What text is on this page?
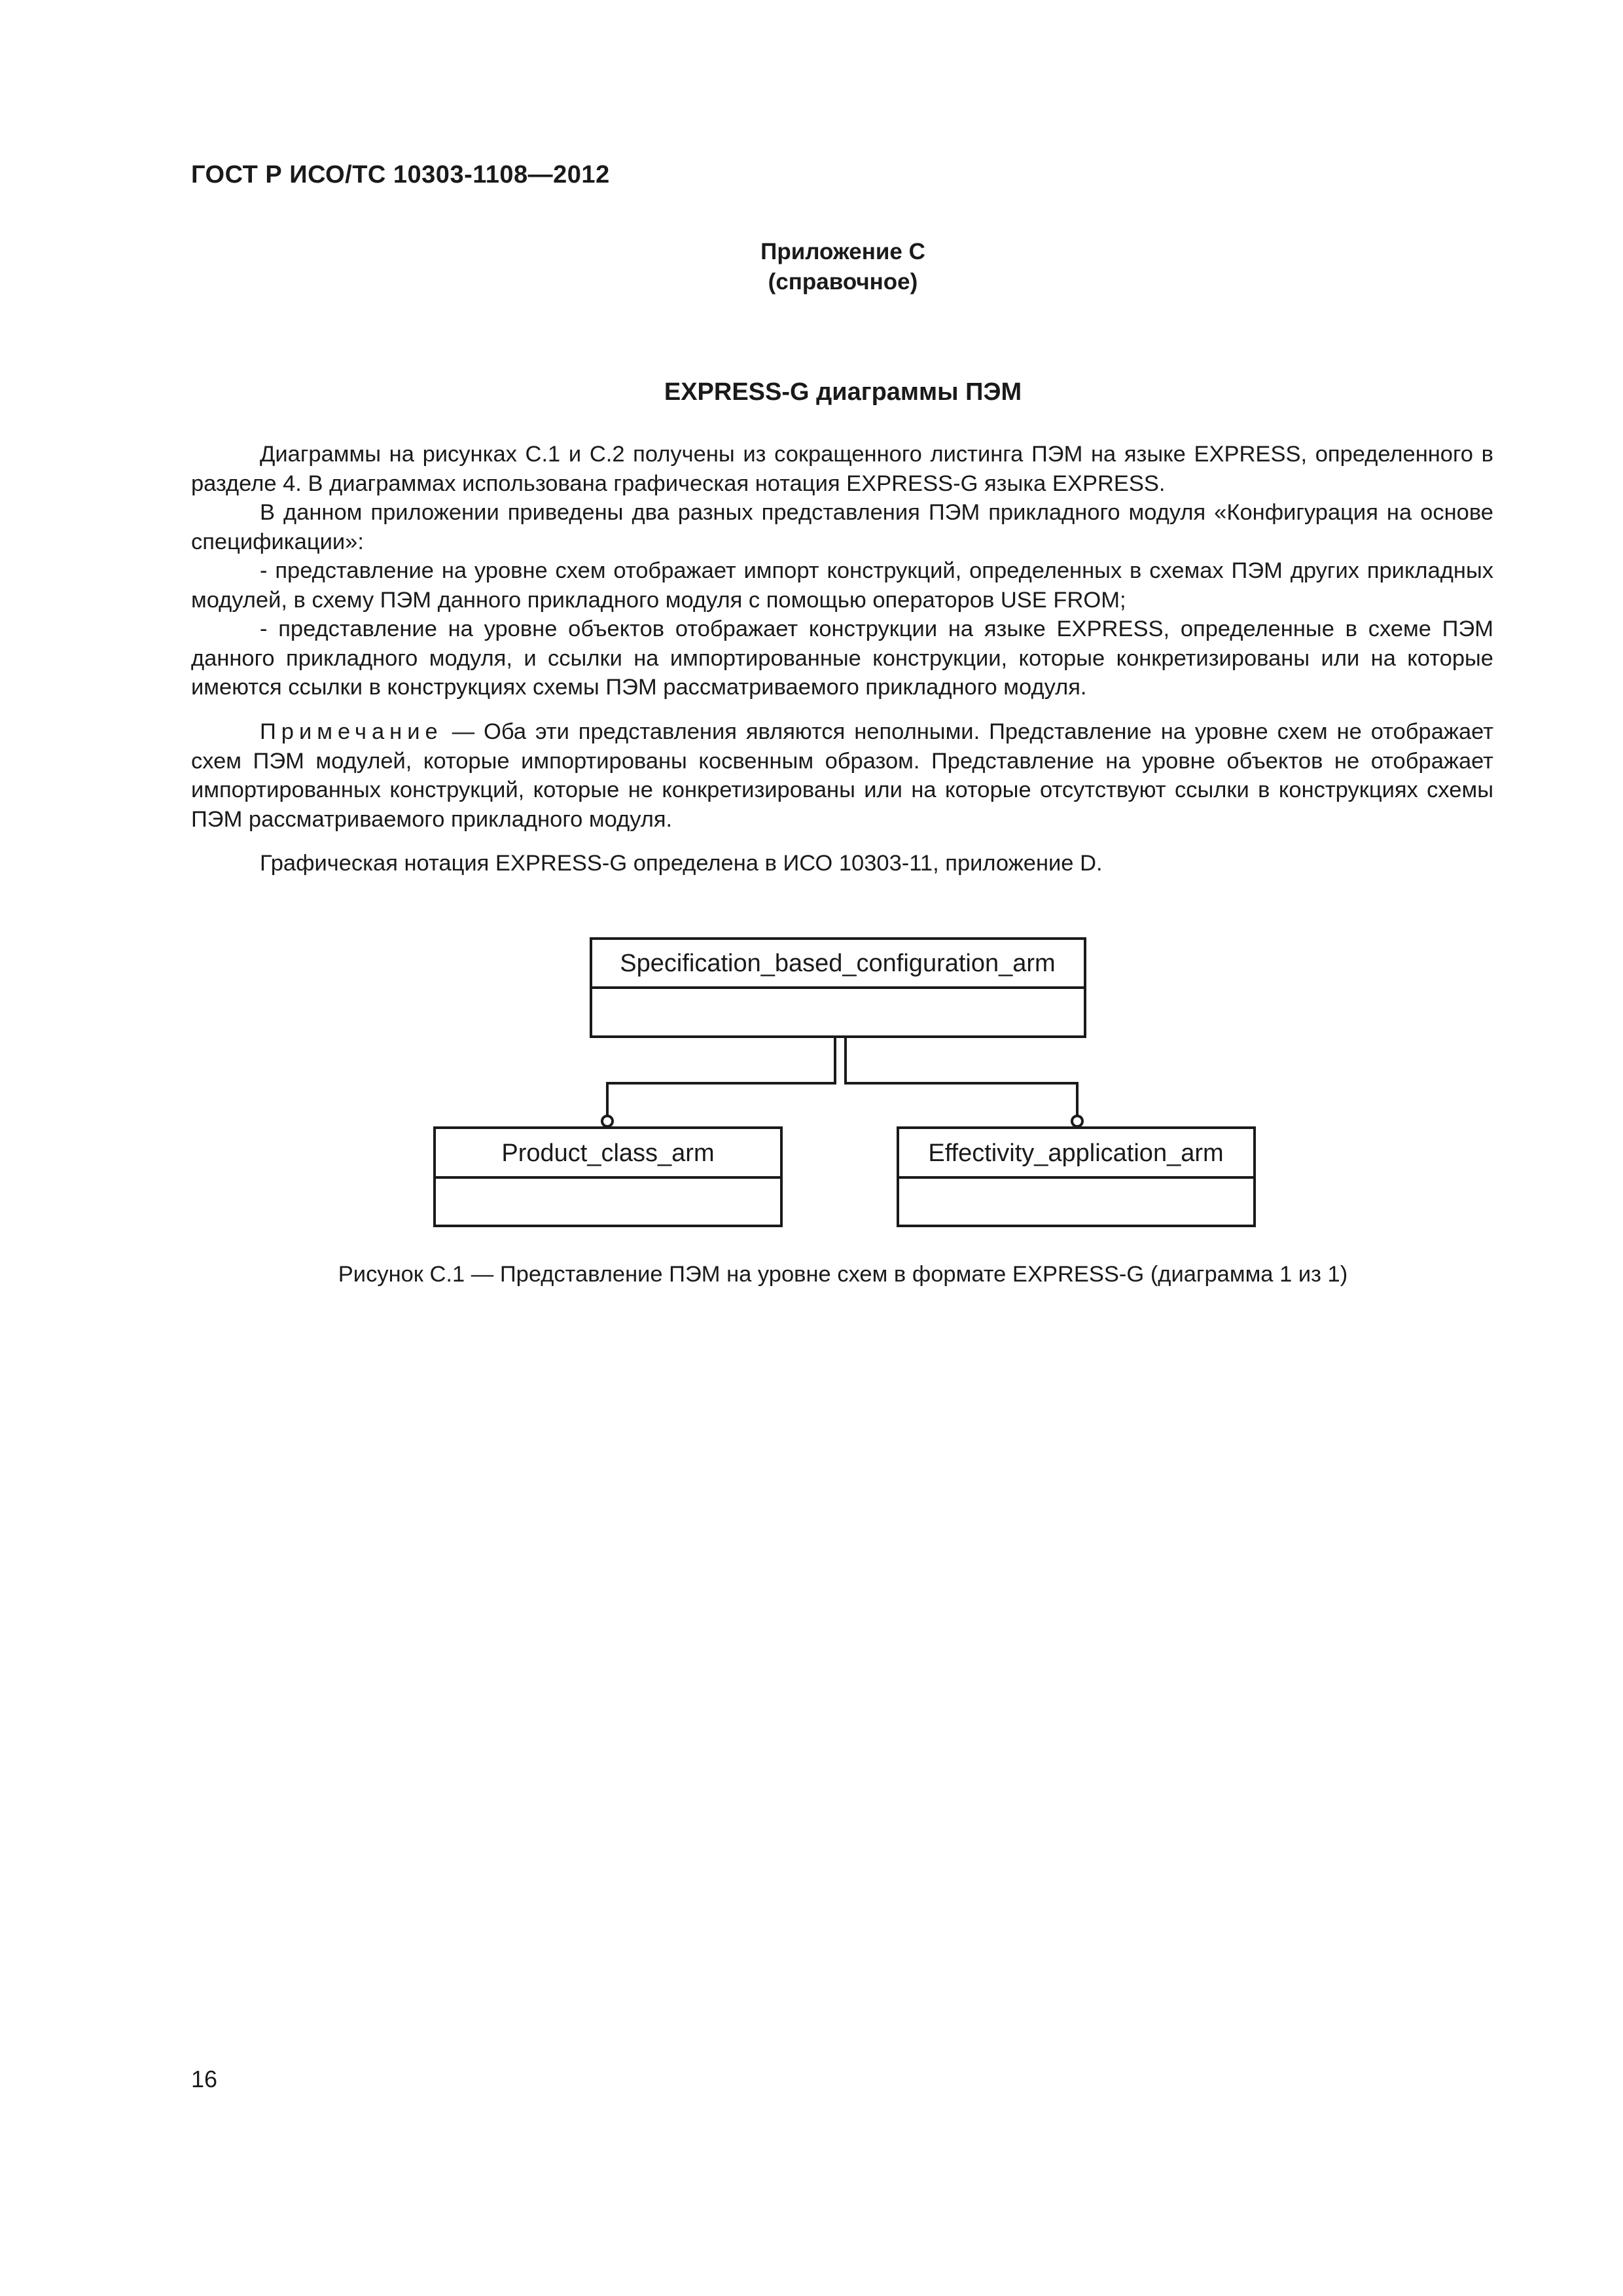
ГОСТ Р ИСО/ТС 10303-1108—2012
Приложение С
(справочное)
EXPRESS-G диаграммы ПЭМ

Диаграммы на рисунках С.1 и С.2 получены из сокращенного листинга ПЭМ на языке EXPRESS, определенного в разделе 4. В диаграммах использована графическая нотация EXPRESS-G языка EXPRESS.

В данном приложении приведены два разных представления ПЭМ прикладного модуля «Конфигурация на основе спецификации»:

- представление на уровне схем отображает импорт конструкций, определенных в схемах ПЭМ других прикладных модулей, в схему ПЭМ данного прикладного модуля с помощью операторов USE FROM;

- представление на уровне объектов отображает конструкции на языке EXPRESS, определенные в схеме ПЭМ данного прикладного модуля, и ссылки на импортированные конструкции, которые конкретизированы или на которые имеются ссылки в конструкциях схемы ПЭМ рассматриваемого прикладного модуля.

Примечание — Оба эти представления являются неполными. Представление на уровне схем не отображает схем ПЭМ модулей, которые импортированы косвенным образом. Представление на уровне объектов не отображает импортированных конструкций, которые не конкретизированы или на которые отсутствуют ссылки в конструкциях схемы ПЭМ рассматриваемого прикладного модуля.

Графическая нотация EXPRESS-G определена в ИСО 10303-11, приложение D.

Specification_based_configuration_arm
Product_class_arm	Effectivity_application_arm
Рисунок С.1 — Представление ПЭМ на уровне схем в формате EXPRESS-G (диаграмма 1 из 1)
16
